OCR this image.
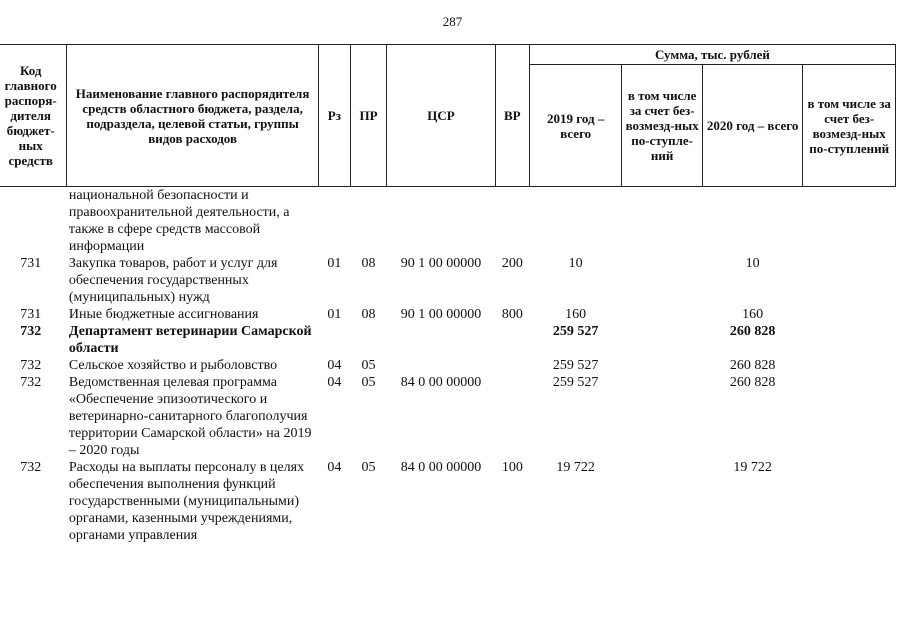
287
Код главного распоря-дителя бюджет-ных средств	Наименование главного распорядителя средств областного бюджета, раздела, подраздела, целевой статьи, группы видов расходов	Рз	ПР	ЦСР	ВР	Сумма, тыс. рублей			
						2019 год – всего	в том числе за счет без-возмезд-ных по-ступле-ний	2020 год – всего	в том числе за счет без-возмезд-ных по-ступлений
	национальной безопасности и правоохранительной деятельности, а также в сфере средств массовой информации								
731	Закупка товаров, работ и услуг для обеспечения государственных (муниципальных) нужд	01	08	90 1 00 00000	200	10		10	
731	Иные бюджетные ассигнования	01	08	90 1 00 00000	800	160		160	
732	Департамент ветеринарии Самарской области					259 527		260 828	
732	Сельское хозяйство и рыболовство	04	05			259 527		260 828	
732	Ведомственная целевая программа «Обеспечение эпизоотического и ветеринарно-санитарного благополучия территории Самарской области» на 2019 – 2020 годы	04	05	84 0 00 00000		259 527		260 828	
732	Расходы на выплаты персоналу в целях обеспечения выполнения функций государственными (муниципальными) органами, казенными учреждениями, органами управления	04	05	84 0 00 00000	100	19 722		19 722	
